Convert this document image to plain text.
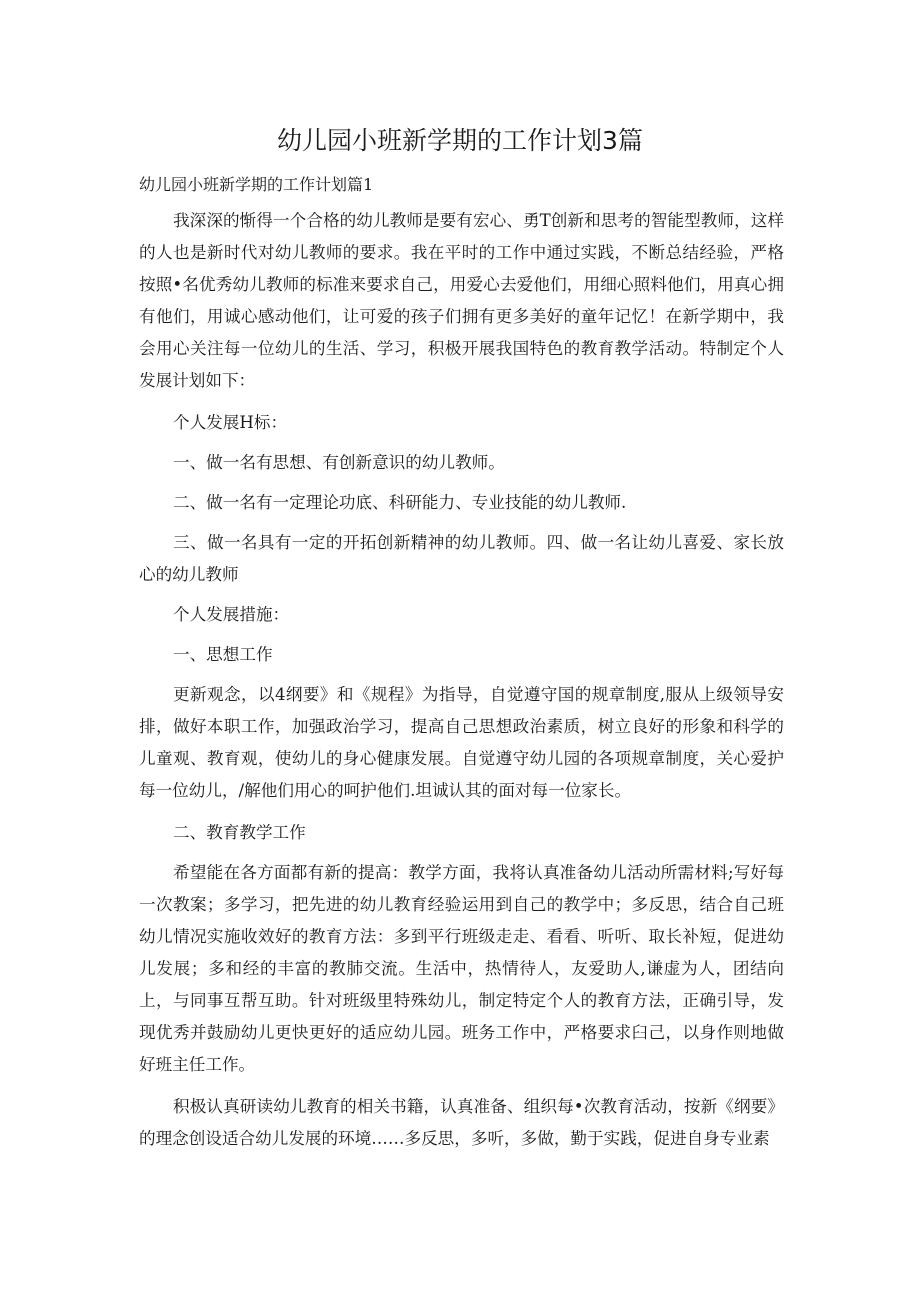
幼儿园小班新学期的工作计划3篇

幼儿园小班新学期的工作计划篇1

我深深的惭得一个合格的幼儿教师是要有宏心、勇T创新和思考的智能型教师，这样的人也是新时代对幼儿教师的要求。我在平时的工作中通过实践，不断总结经验，严格按照•名优秀幼儿教师的标准来要求自己，用爱心去爱他们，用细心照料他们，用真心拥有他们，用诚心感动他们，让可爱的孩子们拥有更多美好的童年记忆！在新学期中，我会用心关注每一位幼儿的生活、学习，积极开展我国特色的教育教学活动。特制定个人发展计划如下：

个人发展H标：

一、做一名有思想、有创新意识的幼儿教师。

二、做一名有一定理论功底、科研能力、专业技能的幼儿教师.

三、做一名具有一定的开拓创新精神的幼儿教师。四、做一名让幼儿喜爱、家长放心的幼儿教师

个人发展措施：

一、思想工作

更新观念，以4纲要》和《规程》为指导，自觉遵守国的规章制度,服从上级领导安排，做好本职工作，加强政治学习，提高自己思想政治素质，树立良好的形象和科学的儿童观、教育观，使幼儿的身心健康发展。自觉遵守幼儿园的各项规章制度，关心爱护每一位幼儿，/解他们用心的呵护他们.坦诚认其的面对每一位家长。

二、教育教学工作

希望能在各方面都有新的提高：教学方面，我将认真准备幼儿活动所需材料;写好每一次教案；多学习，把先进的幼儿教育经验运用到自己的教学中；多反思，结合自己班幼儿情况实施收效好的教育方法：多到平行班级走走、看看、听听、取长补短，促进幼儿发展；多和经的丰富的教肺交流。生活中，热情待人，友爱助人,谦虚为人，团结向上，与同事互帮互助。针对班级里特殊幼儿，制定特定个人的教育方法，正确引导，发现优秀并鼓励幼儿更快更好的适应幼儿园。班务工作中，严格要求臼己，以身作则地做好班主任工作。

积极认真研读幼儿教育的相关书籍，认真准备、组织每•次教育活动，按新《纲要》的理念创设适合幼儿发展的环境……多反思，多听，多做，勤于实践，促进自身专业素
